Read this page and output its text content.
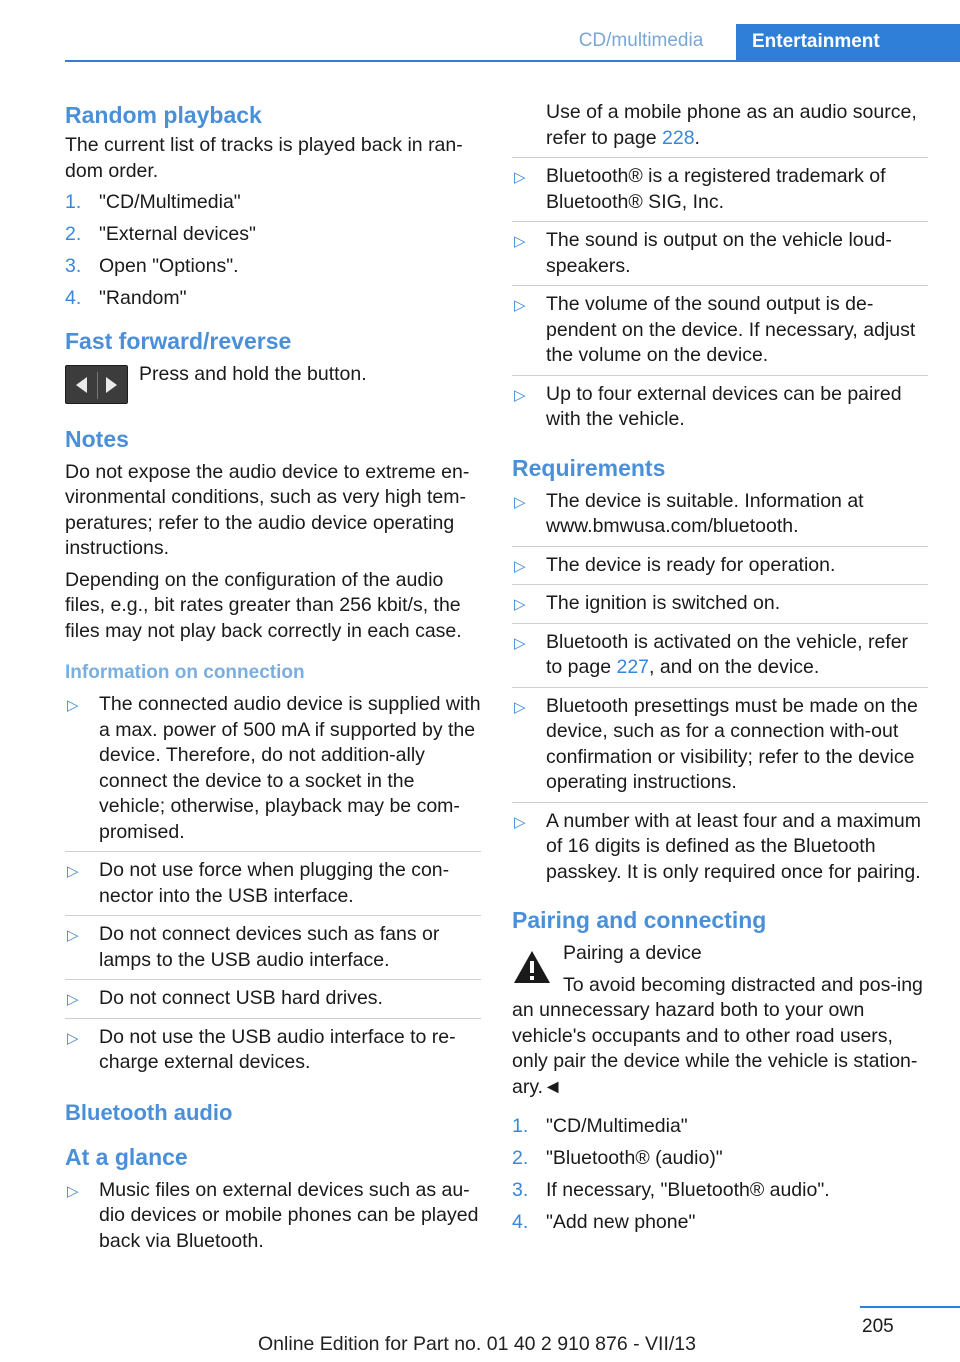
CD/multimedia	Entertainment
Random playback

The current list of tracks is played back in ran‐dom order.

1. "CD/Multimedia"
2. "External devices"
3. Open "Options".
4. "Random"
Fast forward/reverse

Press and hold the button.

Notes

Do not expose the audio device to extreme en‐vironmental conditions, such as very high tem‐peratures; refer to the audio device operating instructions.

Depending on the configuration of the audio files, e.g., bit rates greater than 256 kbit/s, the files may not play back correctly in each case.

Information on connection
▷ The connected audio device is supplied with a max. power of 500 mA if supported by the device. Therefore, do not addition‐ally connect the device to a socket in the vehicle; otherwise, playback may be com‐promised.
▷ Do not use force when plugging the con‐nector into the USB interface.
▷ Do not connect devices such as fans or lamps to the USB audio interface.
▷ Do not connect USB hard drives.
▷ Do not use the USB audio interface to re‐charge external devices.
Bluetooth audio
At a glance
▷ Music files on external devices such as au‐dio devices or mobile phones can be played back via Bluetooth.
Use of a mobile phone as an audio source, refer to page 228.
▷ Bluetooth® is a registered trademark of Bluetooth® SIG, Inc.
▷ The sound is output on the vehicle loud‐speakers.
▷ The volume of the sound output is de‐pendent on the device. If necessary, adjust the volume on the device.
▷ Up to four external devices can be paired with the vehicle.
Requirements
▷ The device is suitable. Information at www.bmwusa.com/bluetooth.
▷ The device is ready for operation.
▷ The ignition is switched on.
▷ Bluetooth is activated on the vehicle, refer to page 227, and on the device.
▷ Bluetooth presettings must be made on the device, such as for a connection with‐out confirmation or visibility; refer to the device operating instructions.
▷ A number with at least four and a maximum of 16 digits is defined as the Bluetooth passkey. It is only required once for pairing.
Pairing and connecting

Pairing a device

To avoid becoming distracted and pos‐ing an unnecessary hazard both to your own vehicle's occupants and to other road users, only pair the device while the vehicle is station‐ary.◄

1. "CD/Multimedia"
2. "Bluetooth® (audio)"
3. If necessary, "Bluetooth® audio".
4. "Add new phone"
205
Online Edition for Part no. 01 40 2 910 876 - VII/13
